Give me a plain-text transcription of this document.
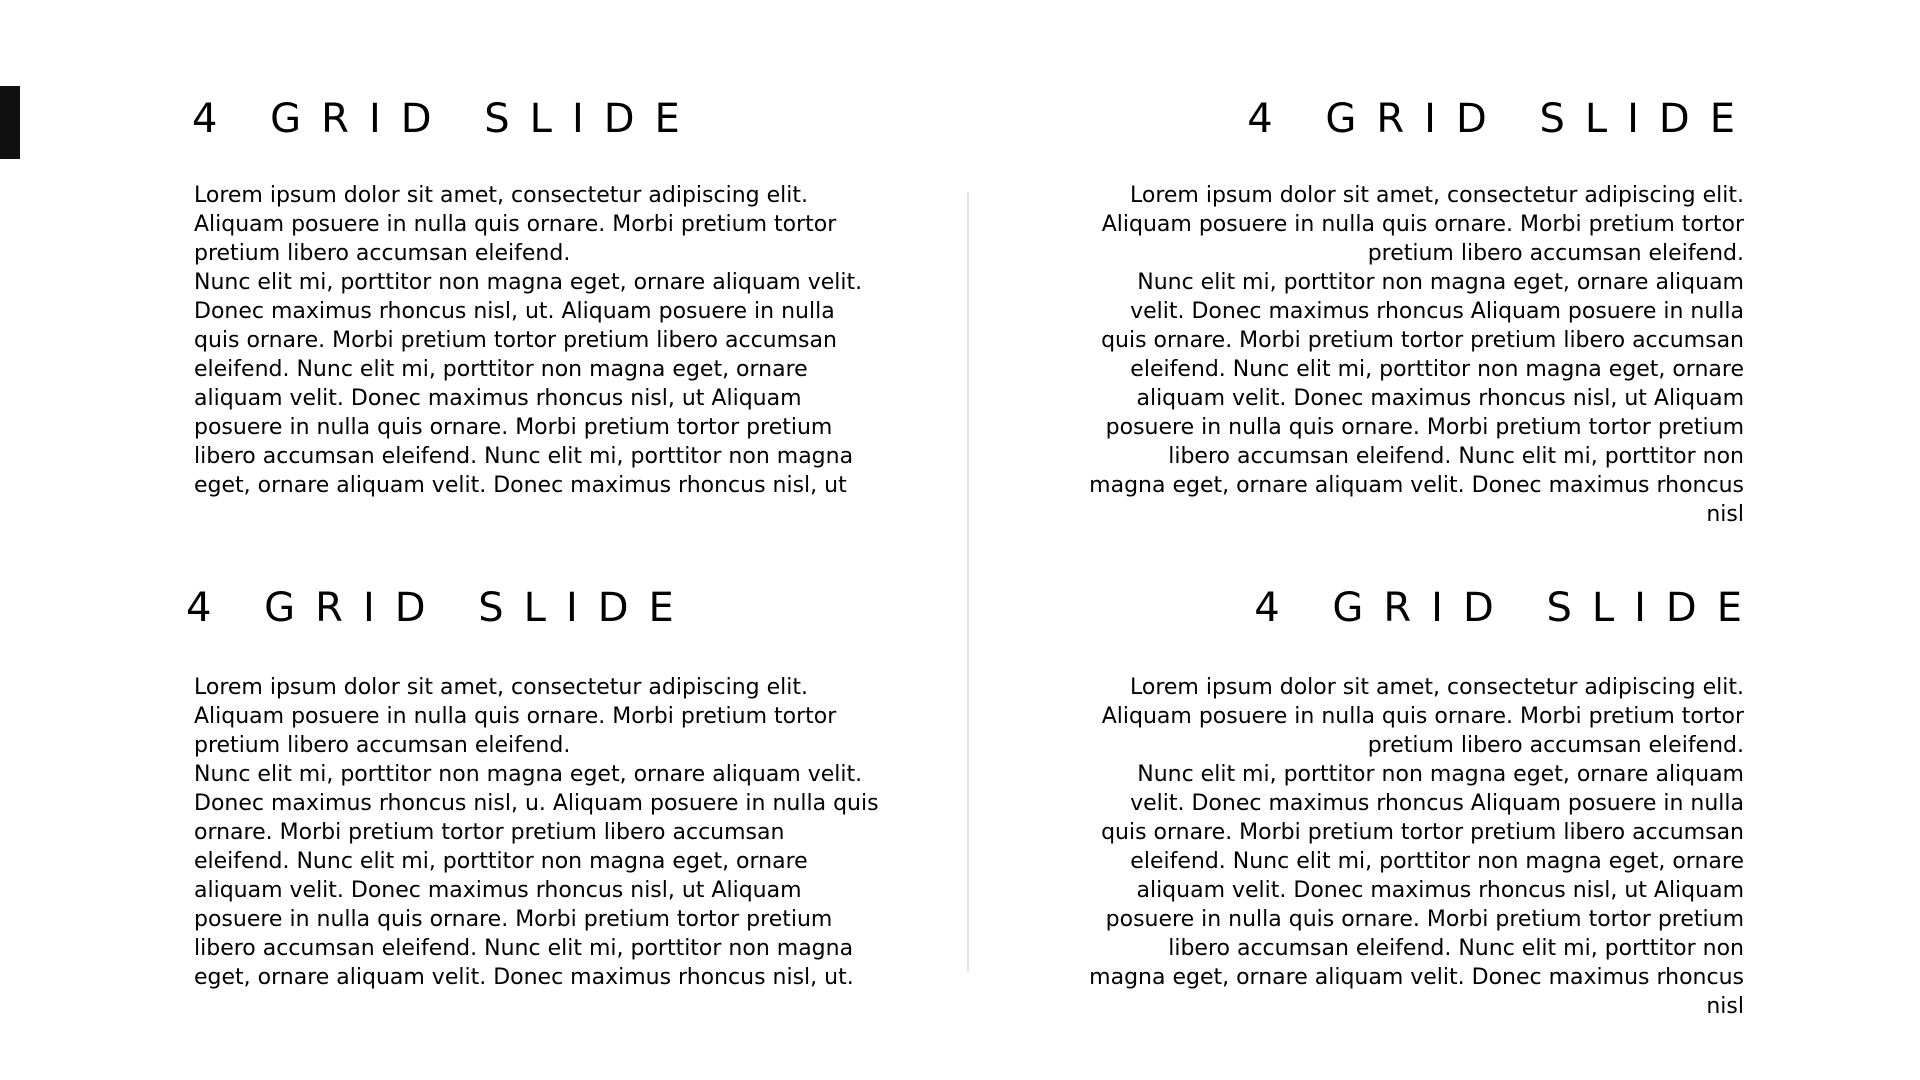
4 GRID SLIDE

Lorem ipsum dolor sit amet, consectetur adipiscing elit.
Aliquam posuere in nulla quis ornare. Morbi pretium tortor
pretium libero accumsan eleifend.
Nunc elit mi, porttitor non magna eget, ornare aliquam velit.
Donec maximus rhoncus nisl, ut. Aliquam posuere in nulla
quis ornare. Morbi pretium tortor pretium libero accumsan
eleifend. Nunc elit mi, porttitor non magna eget, ornare
aliquam velit. Donec maximus rhoncus nisl, ut Aliquam
posuere in nulla quis ornare. Morbi pretium tortor pretium
libero accumsan eleifend. Nunc elit mi, porttitor non magna
eget, ornare aliquam velit. Donec maximus rhoncus nisl, ut

4 GRID SLIDE

Lorem ipsum dolor sit amet, consectetur adipiscing elit.
Aliquam posuere in nulla quis ornare. Morbi pretium tortor
pretium libero accumsan eleifend.
Nunc elit mi, porttitor non magna eget, ornare aliquam
velit. Donec maximus rhoncus Aliquam posuere in nulla
quis ornare. Morbi pretium tortor pretium libero accumsan
eleifend. Nunc elit mi, porttitor non magna eget, ornare
aliquam velit. Donec maximus rhoncus nisl, ut Aliquam
posuere in nulla quis ornare. Morbi pretium tortor pretium
libero accumsan eleifend. Nunc elit mi, porttitor non
magna eget, ornare aliquam velit. Donec maximus rhoncus
nisl

4 GRID SLIDE

Lorem ipsum dolor sit amet, consectetur adipiscing elit.
Aliquam posuere in nulla quis ornare. Morbi pretium tortor
pretium libero accumsan eleifend.
Nunc elit mi, porttitor non magna eget, ornare aliquam velit.
Donec maximus rhoncus nisl, u. Aliquam posuere in nulla quis
ornare. Morbi pretium tortor pretium libero accumsan
eleifend. Nunc elit mi, porttitor non magna eget, ornare
aliquam velit. Donec maximus rhoncus nisl, ut Aliquam
posuere in nulla quis ornare. Morbi pretium tortor pretium
libero accumsan eleifend. Nunc elit mi, porttitor non magna
eget, ornare aliquam velit. Donec maximus rhoncus nisl, ut.

4 GRID SLIDE

Lorem ipsum dolor sit amet, consectetur adipiscing elit.
Aliquam posuere in nulla quis ornare. Morbi pretium tortor
pretium libero accumsan eleifend.
Nunc elit mi, porttitor non magna eget, ornare aliquam
velit. Donec maximus rhoncus Aliquam posuere in nulla
quis ornare. Morbi pretium tortor pretium libero accumsan
eleifend. Nunc elit mi, porttitor non magna eget, ornare
aliquam velit. Donec maximus rhoncus nisl, ut Aliquam
posuere in nulla quis ornare. Morbi pretium tortor pretium
libero accumsan eleifend. Nunc elit mi, porttitor non
magna eget, ornare aliquam velit. Donec maximus rhoncus
nisl
